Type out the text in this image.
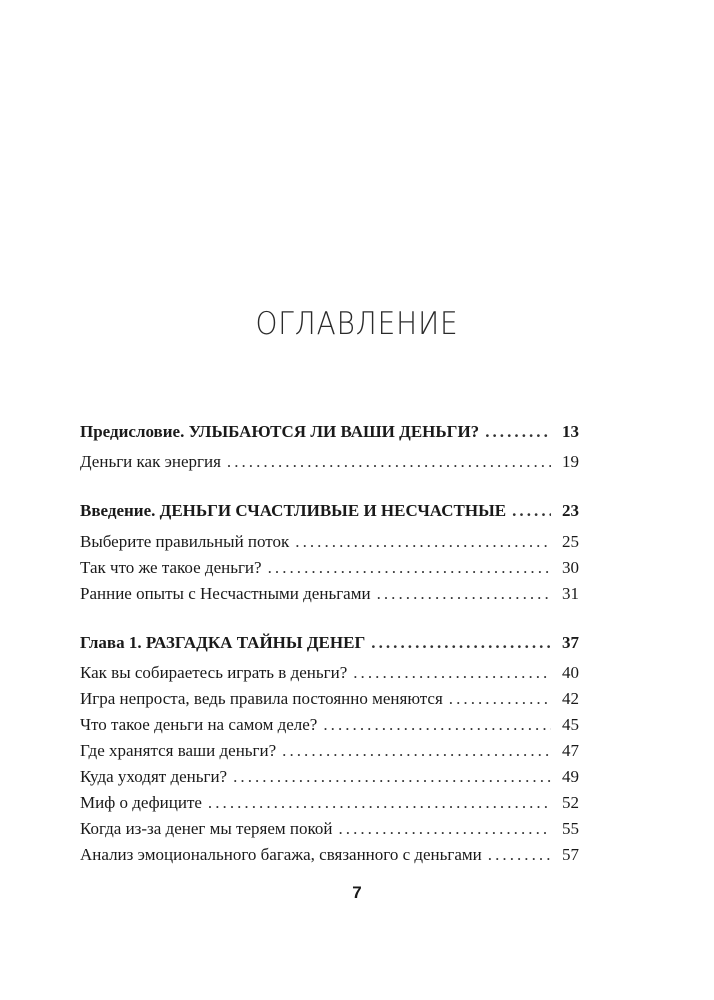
ОГЛАВЛЕНИЕ
Предисловие. УЛЫБАЮТСЯ ЛИ ВАШИ ДЕНЬГИ? . . .	13
Деньги как энергия . . .	19
Введение. ДЕНЬГИ СЧАСТЛИВЫЕ И НЕСЧАСТНЫЕ . . .	23
Выберите правильный поток . . .	25
Так что же такое деньги? . . .	30
Ранние опыты с Несчастными деньгами . . .	31
Глава 1. РАЗГАДКА ТАЙНЫ ДЕНЕГ . . .	37
Как вы собираетесь играть в деньги? . . .	40
Игра непроста, ведь правила постоянно меняются . . .	42
Что такое деньги на самом деле? . . .	45
Где хранятся ваши деньги? . . .	47
Куда уходят деньги? . . .	49
Миф о дефиците . . .	52
Когда из-за денег мы теряем покой . . .	55
Анализ эмоционального багажа, связанного с деньгами . . .	57
7
